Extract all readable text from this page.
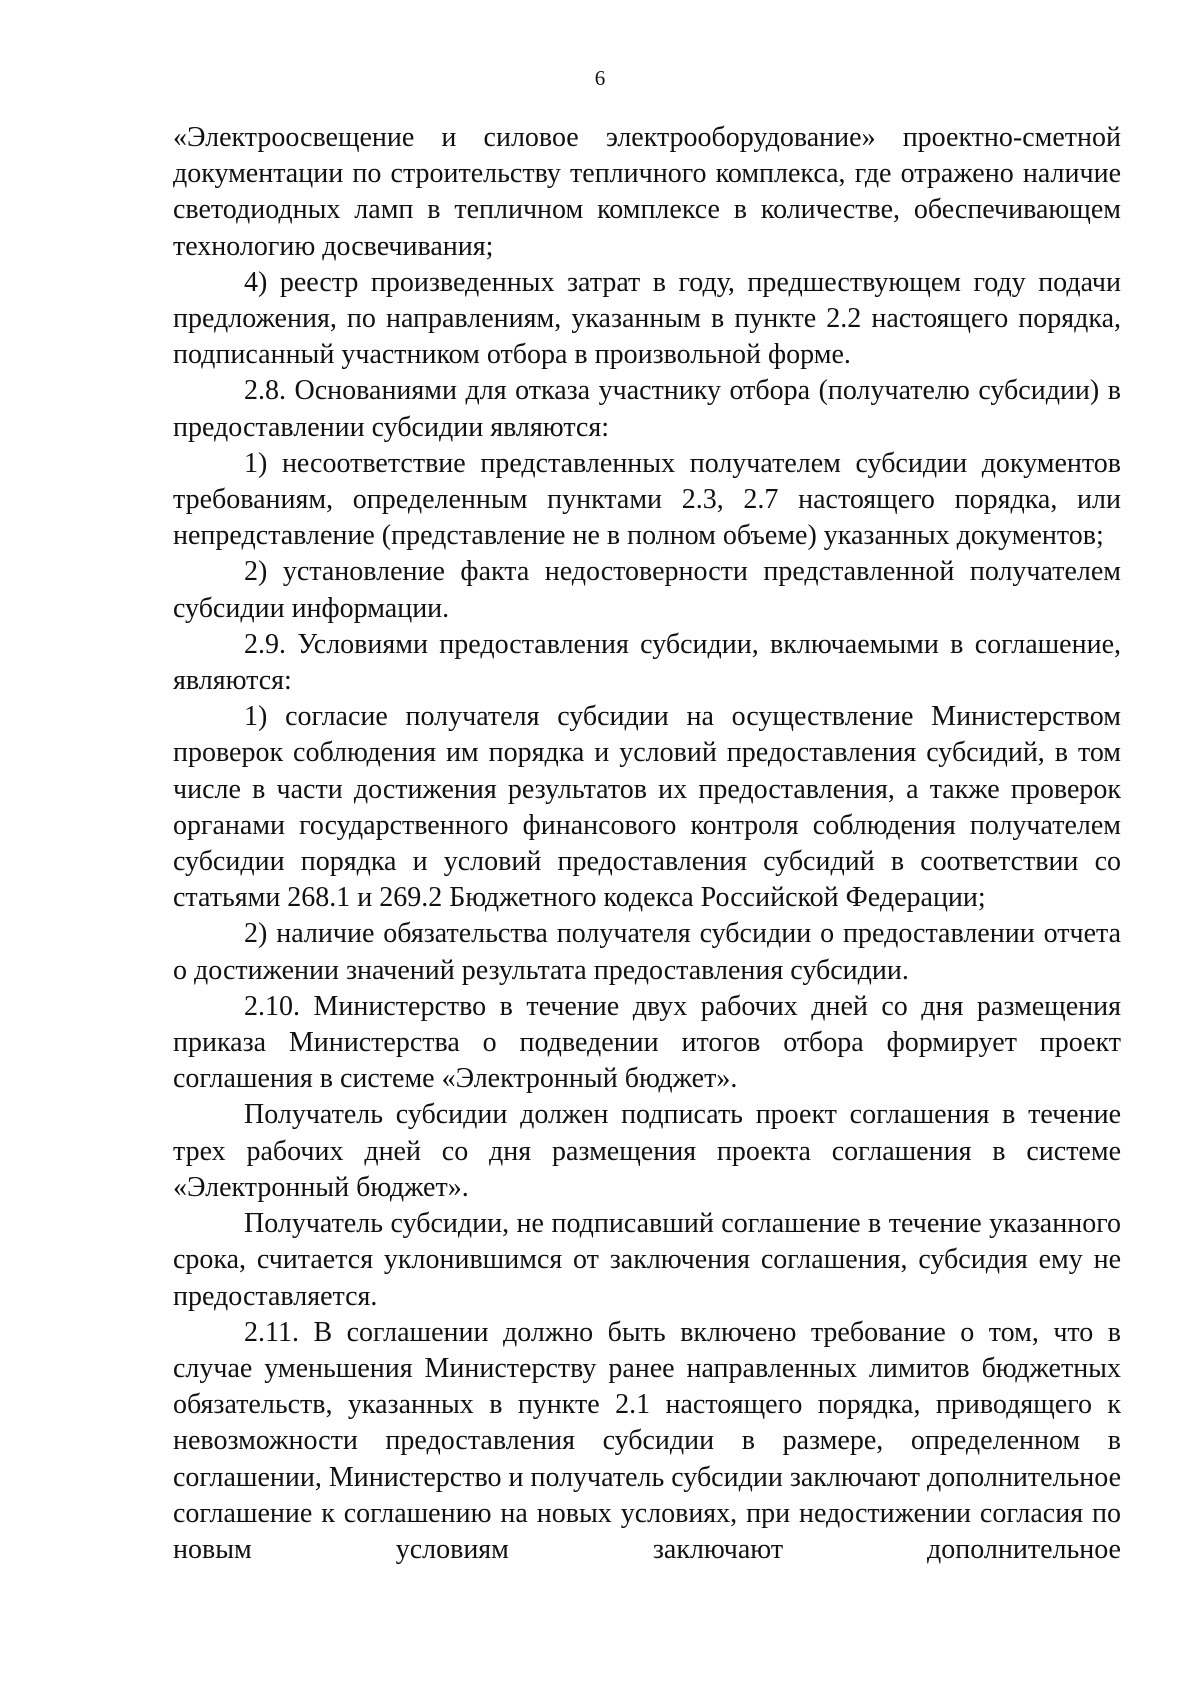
6

«Электроосвещение и силовое электрооборудование» проектно-сметной документации по строительству тепличного комплекса, где отражено наличие светодиодных ламп в тепличном комплексе в количестве, обеспечивающем технологию досвечивания;

4) реестр произведенных затрат в году, предшествующем году подачи предложения, по направлениям, указанным в пункте 2.2 настоящего порядка, подписанный участником отбора в произвольной форме.

2.8. Основаниями для отказа участнику отбора (получателю субсидии) в предоставлении субсидии являются:

1) несоответствие представленных получателем субсидии документов требованиям, определенным пунктами 2.3, 2.7 настоящего порядка, или непредставление (представление не в полном объеме) указанных документов;

2) установление факта недостоверности представленной получателем субсидии информации.

2.9. Условиями предоставления субсидии, включаемыми в соглашение, являются:

1) согласие получателя субсидии на осуществление Министерством проверок соблюдения им порядка и условий предоставления субсидий, в том числе в части достижения результатов их предоставления, а также проверок органами государственного финансового контроля соблюдения получателем субсидии порядка и условий предоставления субсидий в соответствии со статьями 268.1 и 269.2 Бюджетного кодекса Российской Федерации;

2) наличие обязательства получателя субсидии о предоставлении отчета о достижении значений результата предоставления субсидии.

2.10. Министерство в течение двух рабочих дней со дня размещения приказа Министерства о подведении итогов отбора формирует проект соглашения в системе «Электронный бюджет».

Получатель субсидии должен подписать проект соглашения в течение трех рабочих дней со дня размещения проекта соглашения в системе «Электронный бюджет».

Получатель субсидии, не подписавший соглашение в течение указанного срока, считается уклонившимся от заключения соглашения, субсидия ему не предоставляется.

2.11. В соглашении должно быть включено требование о том, что в случае уменьшения Министерству ранее направленных лимитов бюджетных обязательств, указанных в пункте 2.1 настоящего порядка, приводящего к невозможности предоставления субсидии в размере, определенном в соглашении, Министерство и получатель субсидии заключают дополнительное соглашение к соглашению на новых условиях, при недостижении согласия по новым условиям заключают дополнительное
